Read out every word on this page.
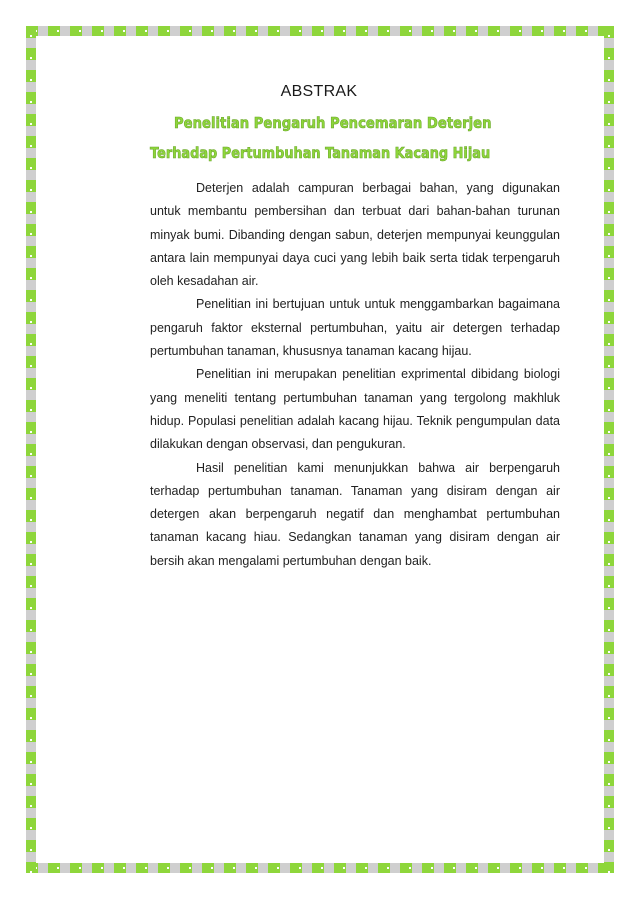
ABSTRAK
Penelitian Pengaruh Pencemaran Deterjen
Terhadap Pertumbuhan Tanaman Kacang Hijau

Deterjen adalah campuran berbagai bahan, yang digunakan untuk membantu pembersihan dan terbuat dari bahan-bahan turunan minyak bumi. Dibanding dengan sabun, deterjen mempunyai keunggulan antara lain mempunyai daya cuci yang lebih baik serta tidak terpengaruh oleh kesadahan air.

Penelitian ini bertujuan untuk untuk menggambarkan bagaimana pengaruh faktor eksternal pertumbuhan, yaitu air detergen terhadap pertumbuhan tanaman, khususnya tanaman kacang hijau.

Penelitian ini merupakan penelitian exprimental dibidang biologi yang meneliti tentang pertumbuhan tanaman yang tergolong makhluk hidup. Populasi penelitian adalah kacang hijau. Teknik pengumpulan data dilakukan dengan observasi, dan pengukuran.

Hasil penelitian kami menunjukkan bahwa air berpengaruh terhadap pertumbuhan tanaman. Tanaman yang disiram dengan air detergen akan berpengaruh negatif dan menghambat pertumbuhan tanaman kacang hiau. Sedangkan tanaman yang disiram dengan air bersih akan mengalami pertumbuhan dengan baik.
